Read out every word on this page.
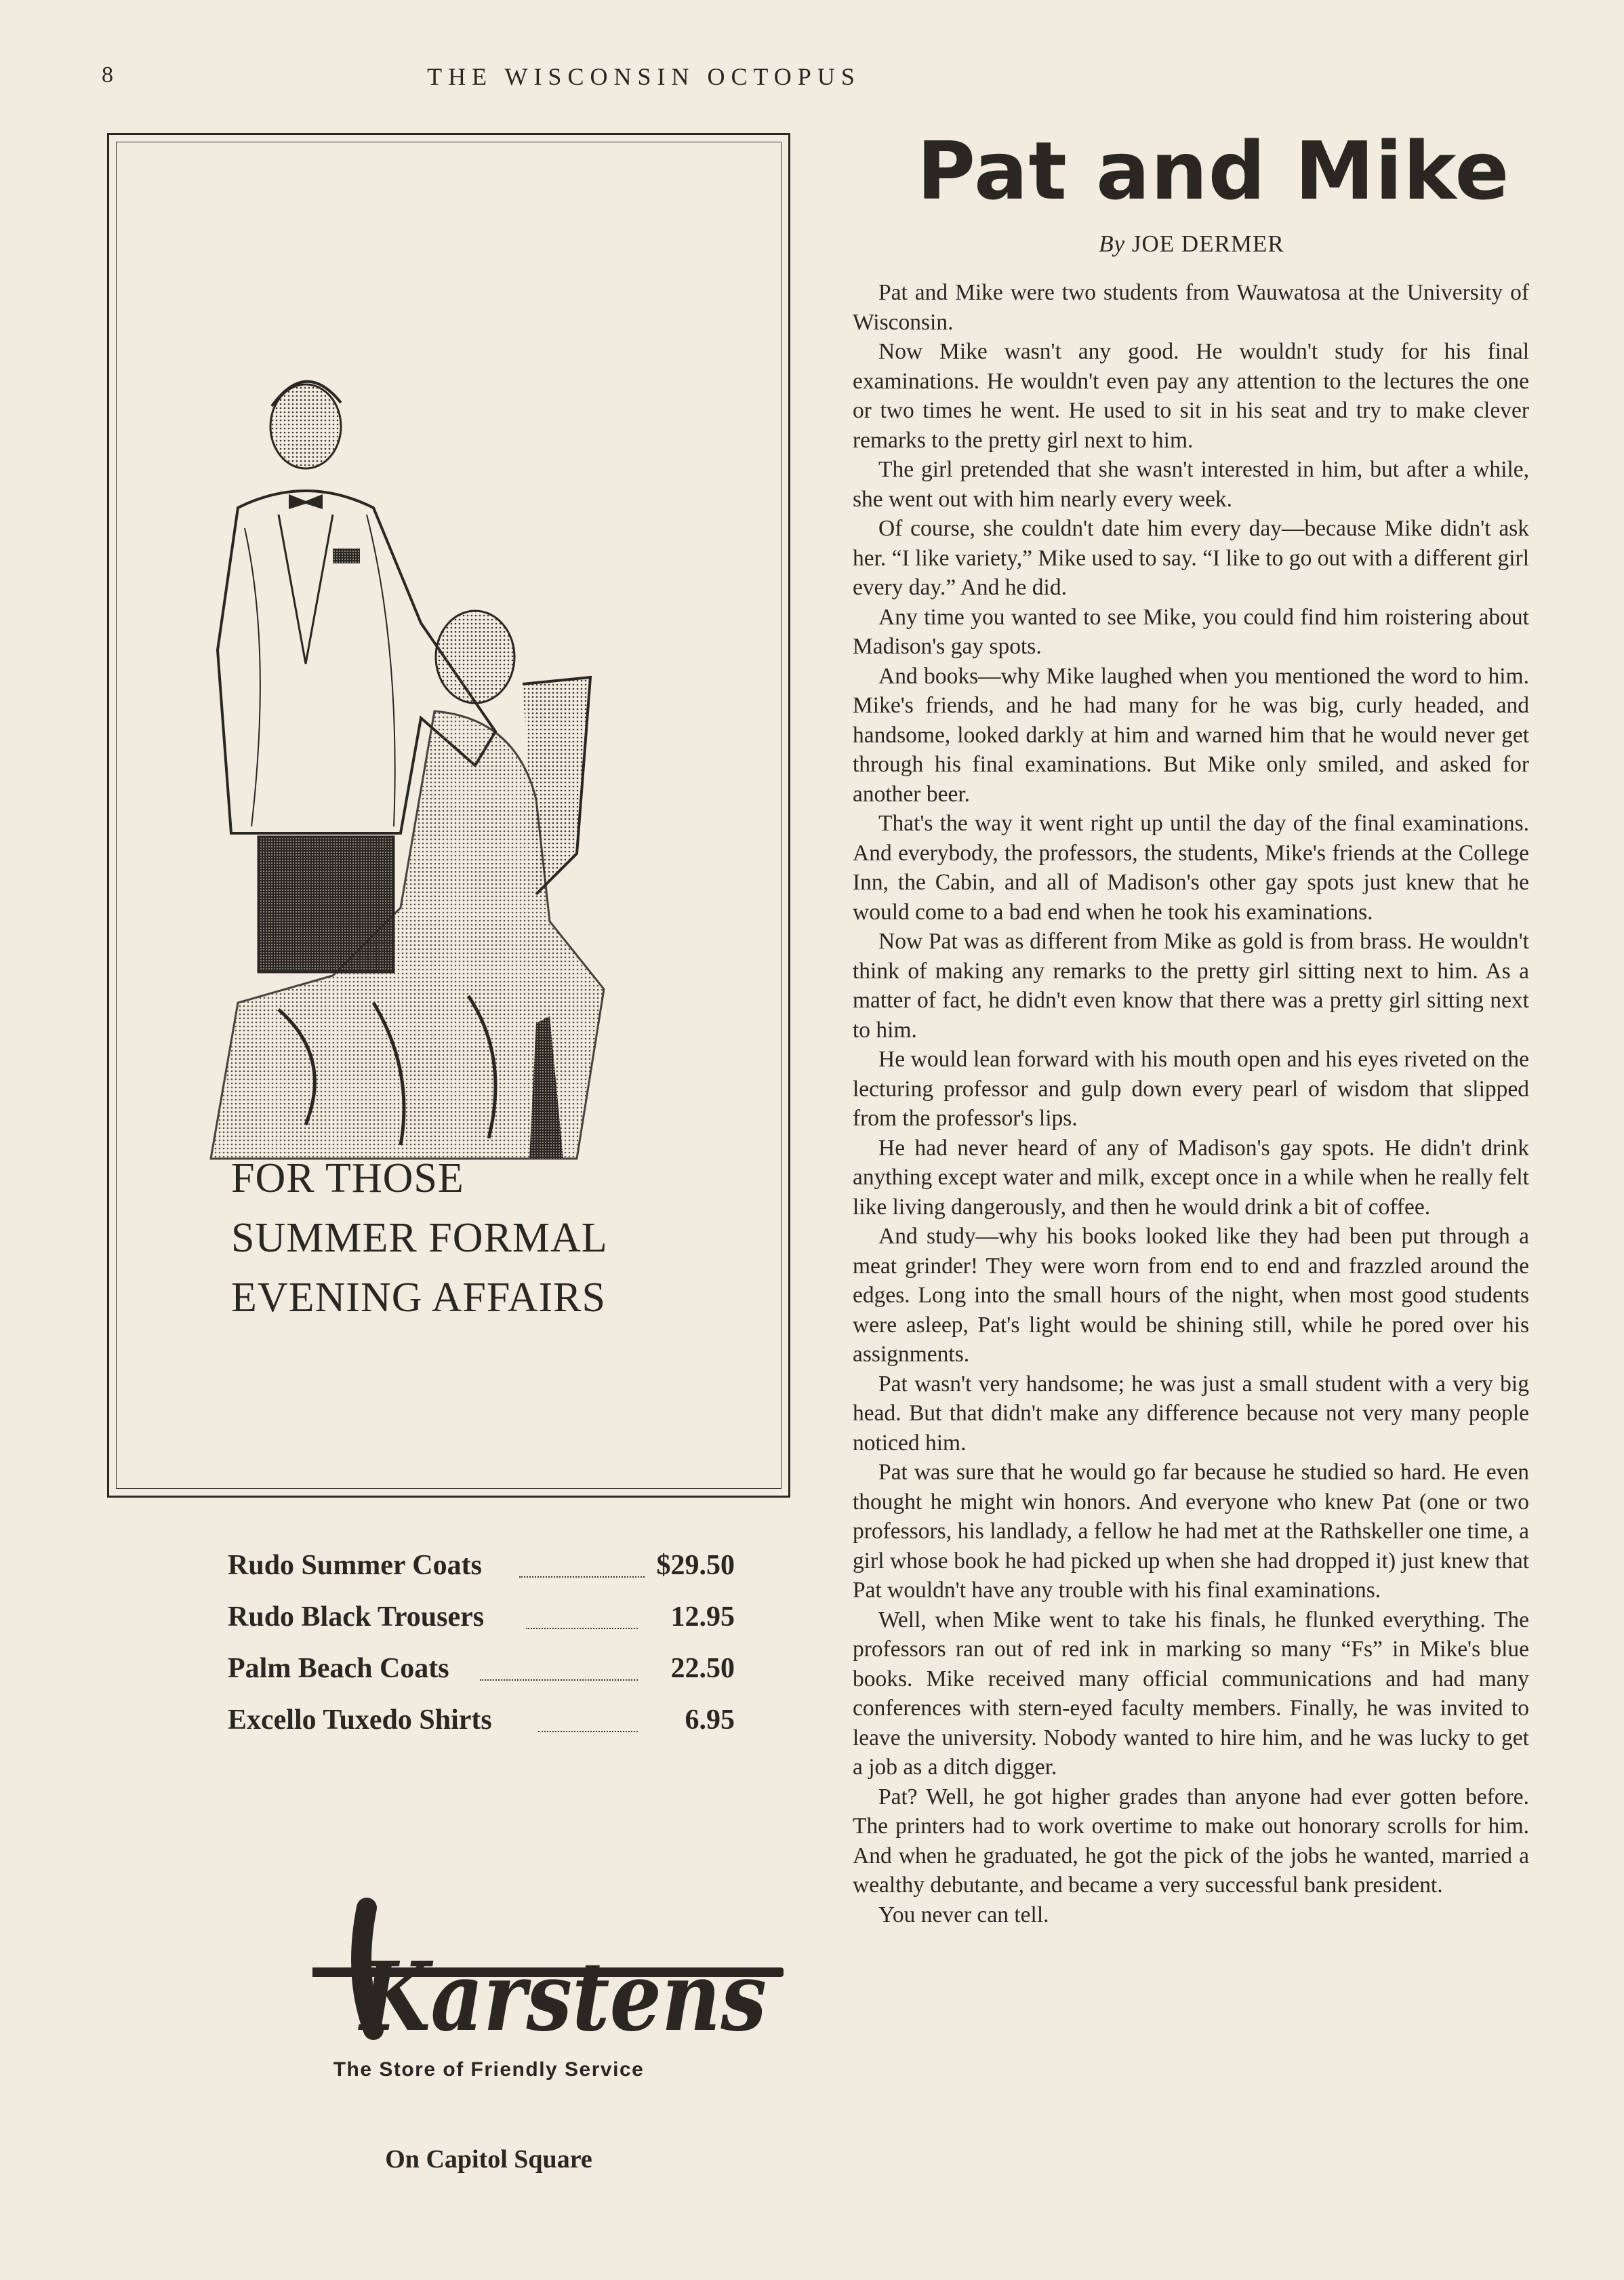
8	THE WISCONSIN OCTOPUS
FOR THOSE
SUMMER FORMAL
EVENING AFFAIRS
Rudo Summer Coats	$29.50
Rudo Black Trousers	12.95
Palm Beach Coats	22.50
Excello Tuxedo Shirts	6.95
Karstens
The Store of Friendly Service
On Capitol Square
Pat and Mike
By JOE DERMER

Pat and Mike were two students from Wauwatosa at the University of Wisconsin.

Now Mike wasn't any good. He wouldn't study for his final examinations. He wouldn't even pay any attention to the lectures the one or two times he went. He used to sit in his seat and try to make clever remarks to the pretty girl next to him.

The girl pretended that she wasn't interested in him, but after a while, she went out with him nearly every week.

Of course, she couldn't date him every day—because Mike didn't ask her. “I like variety,” Mike used to say. “I like to go out with a different girl every day.” And he did.

Any time you wanted to see Mike, you could find him roistering about Madison's gay spots.

And books—why Mike laughed when you mentioned the word to him. Mike's friends, and he had many for he was big, curly headed, and handsome, looked darkly at him and warned him that he would never get through his final examinations. But Mike only smiled, and asked for another beer.

That's the way it went right up until the day of the final examinations. And everybody, the professors, the students, Mike's friends at the College Inn, the Cabin, and all of Madison's other gay spots just knew that he would come to a bad end when he took his examinations.

Now Pat was as different from Mike as gold is from brass. He wouldn't think of making any remarks to the pretty girl sitting next to him. As a matter of fact, he didn't even know that there was a pretty girl sitting next to him.

He would lean forward with his mouth open and his eyes riveted on the lecturing professor and gulp down every pearl of wisdom that slipped from the professor's lips.

He had never heard of any of Madison's gay spots. He didn't drink anything except water and milk, except once in a while when he really felt like living dangerously, and then he would drink a bit of coffee.

And study—why his books looked like they had been put through a meat grinder! They were worn from end to end and frazzled around the edges. Long into the small hours of the night, when most good students were asleep, Pat's light would be shining still, while he pored over his assignments.

Pat wasn't very handsome; he was just a small student with a very big head. But that didn't make any difference because not very many people noticed him.

Pat was sure that he would go far because he studied so hard. He even thought he might win honors. And everyone who knew Pat (one or two professors, his landlady, a fellow he had met at the Rathskeller one time, a girl whose book he had picked up when she had dropped it) just knew that Pat wouldn't have any trouble with his final examinations.

Well, when Mike went to take his finals, he flunked everything. The professors ran out of red ink in marking so many “Fs” in Mike's blue books. Mike received many official communications and had many conferences with stern-eyed faculty members. Finally, he was invited to leave the university. Nobody wanted to hire him, and he was lucky to get a job as a ditch digger.

Pat? Well, he got higher grades than anyone had ever gotten before. The printers had to work overtime to make out honorary scrolls for him. And when he graduated, he got the pick of the jobs he wanted, married a wealthy debutante, and became a very successful bank president.

You never can tell.
